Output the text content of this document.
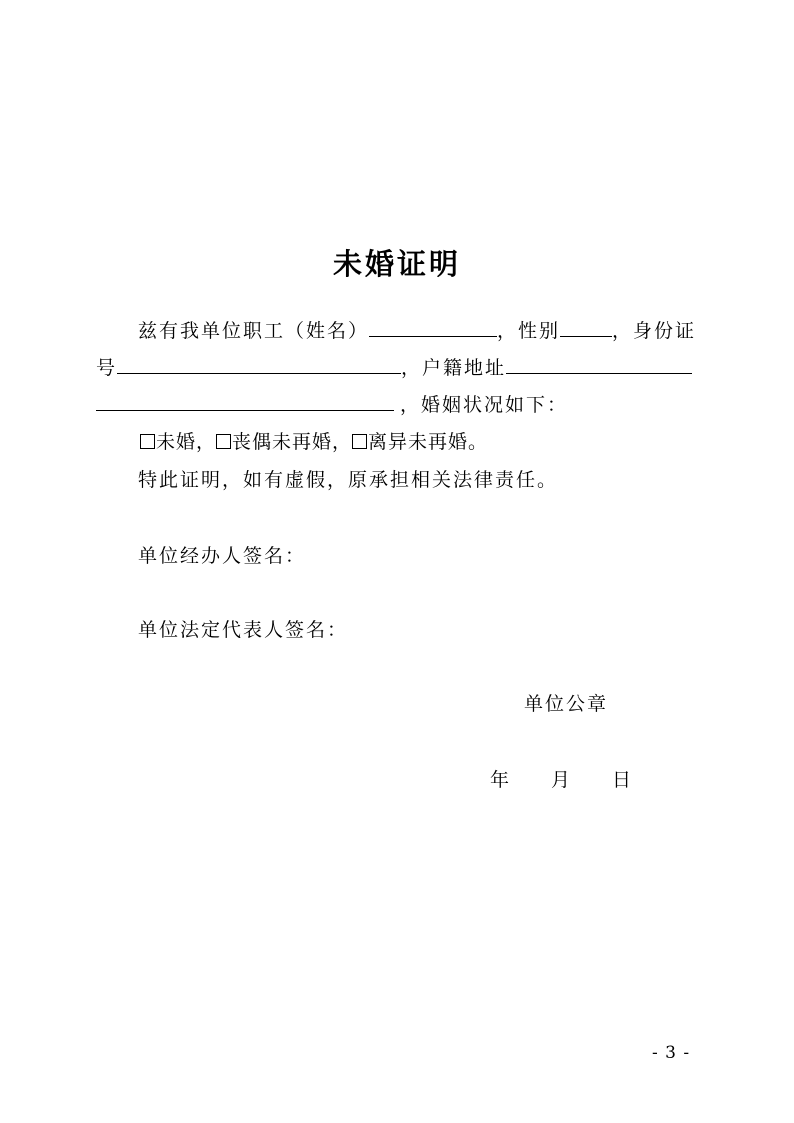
未婚证明
兹有我单位职工（姓名）	，性别	，身份证
号	，户籍地址
，婚姻状况如下：
未婚， 丧偶未再婚， 离异未再婚。
特此证明，如有虚假，原承担相关法律责任。
单位经办人签名：
单位法定代表人签名：
单位公章
年 月 日
- 3 -
